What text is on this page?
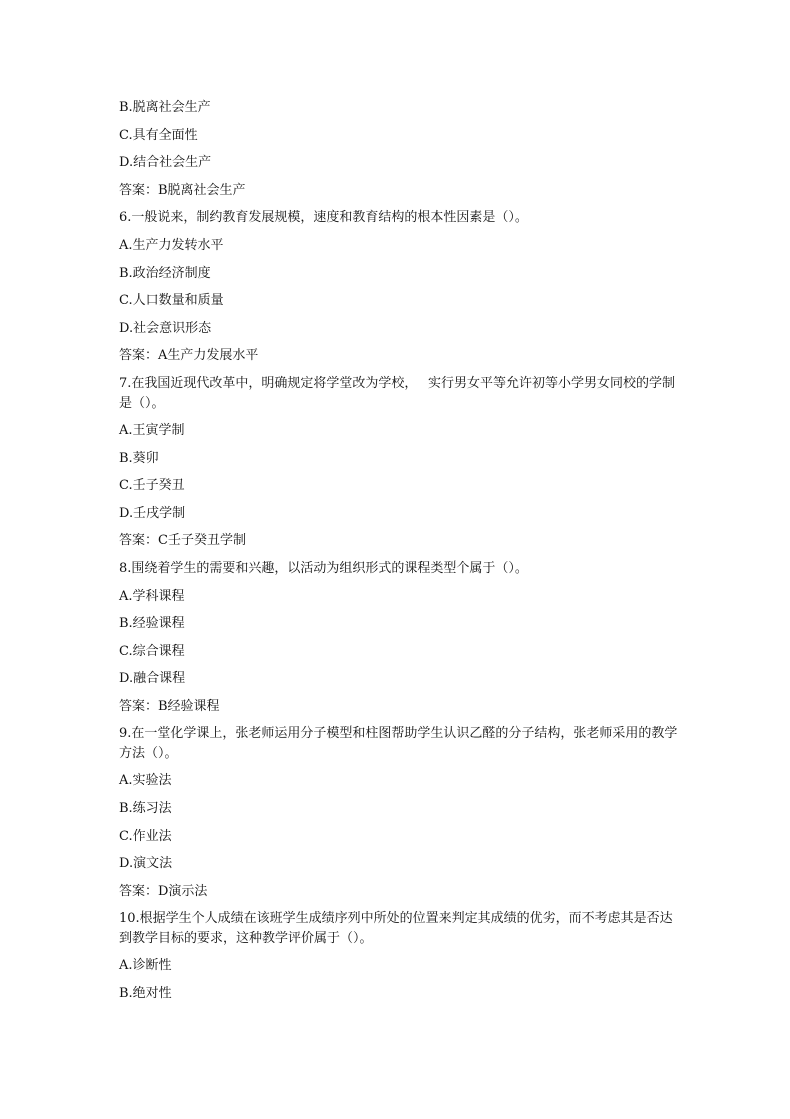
B.脱离社会生产
C.具有全面性
D.结合社会生产
答案：B脱离社会生产
6.一般说来，制约教育发展规模，速度和教育结构的根本性因素是（）。
A.生产力发转水平
B.政治经济制度
C.人口数量和质量
D.社会意识形态
答案：A生产力发展水平
7.在我国近现代改革中，明确规定将学堂改为学校，　 实行男女平等允许初等小学男女同校的学制是（）。
A.王寅学制
B.葵卯
C.壬子癸丑
D.壬戌学制
答案：C壬子癸丑学制
8.围绕着学生的需要和兴趣，以活动为组织形式的课程类型个属于（）。
A.学科课程
B.经验课程
C.综合课程
D.融合课程
答案：B经验课程
9.在一堂化学课上，张老师运用分子模型和柱图帮助学生认识乙醛的分子结构，张老师采用的教学方法（）。
A.实验法
B.练习法
C.作业法
D.演文法
答案：D演示法
10.根据学生个人成绩在该班学生成绩序列中所处的位置来判定其成绩的优劣，而不考虑其是否达到教学目标的要求，这种教学评价属于（）。
A.诊断性
B.绝对性
